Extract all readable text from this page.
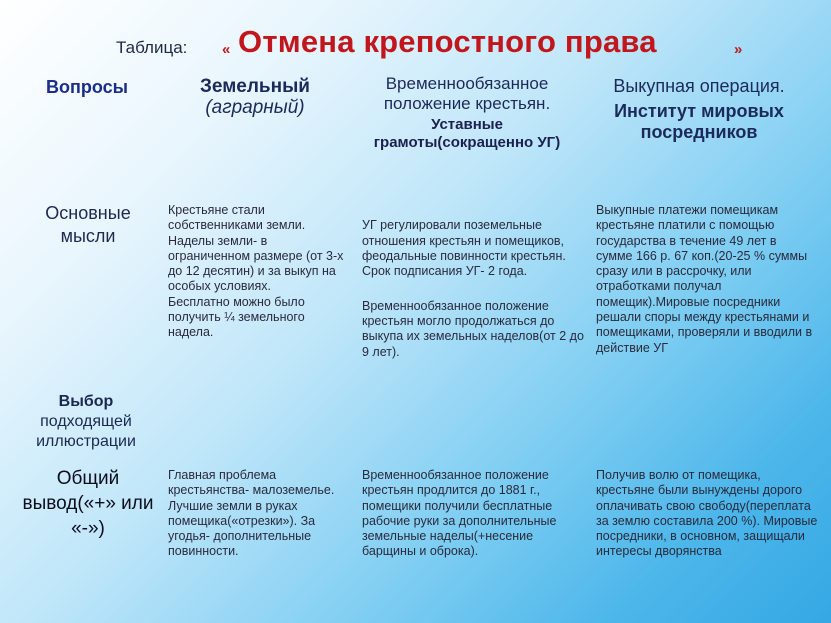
Таблица: « Отмена крепостного права	»
Вопросы	Земельный
(аграрный)
Временнообязанное положение крестьян.
Уставные грамоты(сокращенно УГ)
Выкупная операция.
Институт мировых посредников
Основные мысли
Крестьяне стали собственниками земли. Наделы земли- в ограниченном размере (от 3-х до 12 десятин) и за выкуп на особых условиях.
Бесплатно можно было получить ¼ земельного надела.

УГ регулировали поземельные отношения крестьян и помещиков, феодальные повинности крестьян. Срок подписания УГ- 2 года.

Временнообязанное положение крестьян могло продолжаться до выкупа их земельных наделов(от 2 до 9 лет).

Выкупные платежи помещикам крестьяне платили с помощью государства в течение 49 лет в сумме 166 р. 67 коп.(20-25 % суммы сразу или в рассрочку, или отработками получал помещик).Мировые посредники решали споры между крестьянами и помещиками, проверяли и вводили в действие УГ
Выбор
подходящей иллюстрации
Общий вывод(«+» или «-»)
Главная проблема крестьянства- малоземелье. Лучшие земли в руках помещика(«отрезки»). За угодья- дополнительные повинности.
Временнообязанное положение крестьян продлится до 1881 г., помещики получили бесплатные рабочие руки за дополнительные земельные наделы(+несение барщины и оброка).
Получив волю от помещика, крестьяне были вынуждены дорого оплачивать свою свободу(переплата за землю составила 200 %). Мировые посредники, в основном, защищали интересы дворянства
